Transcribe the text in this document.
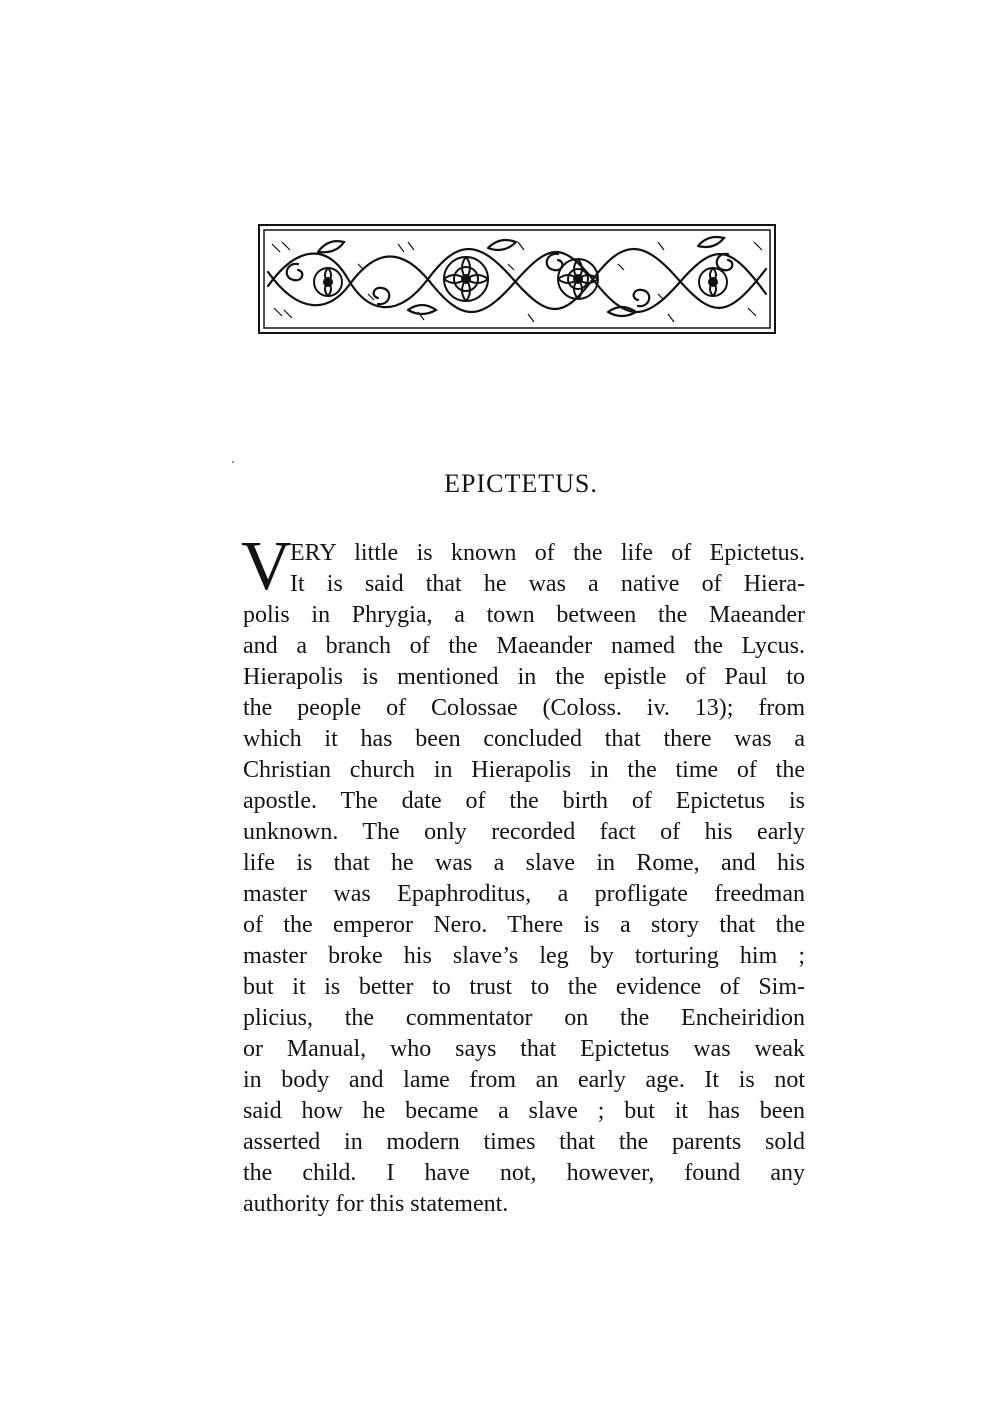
EPICTETUS.
V
ERY little is known of the life of Epictetus.
It is said that he was a native of Hiera-
polis in Phrygia, a town between the Maeander
and a branch of the Maeander named the Lycus.
Hierapolis is mentioned in the epistle of Paul to
the people of Colossae (Coloss. iv. 13); from
which it has been concluded that there was a
Christian church in Hierapolis in the time of the
apostle. The date of the birth of Epictetus is
unknown. The only recorded fact of his early
life is that he was a slave in Rome, and his
master was Epaphroditus, a profligate freedman
of the emperor Nero. There is a story that the
master broke his slave’s leg by torturing him ;
but it is better to trust to the evidence of Sim-
plicius, the commentator on the Encheiridion
or Manual, who says that Epictetus was weak
in body and lame from an early age. It is not
said how he became a slave ; but it has been
asserted in modern times that the parents sold
the child. I have not, however, found any
authority for this statement.
